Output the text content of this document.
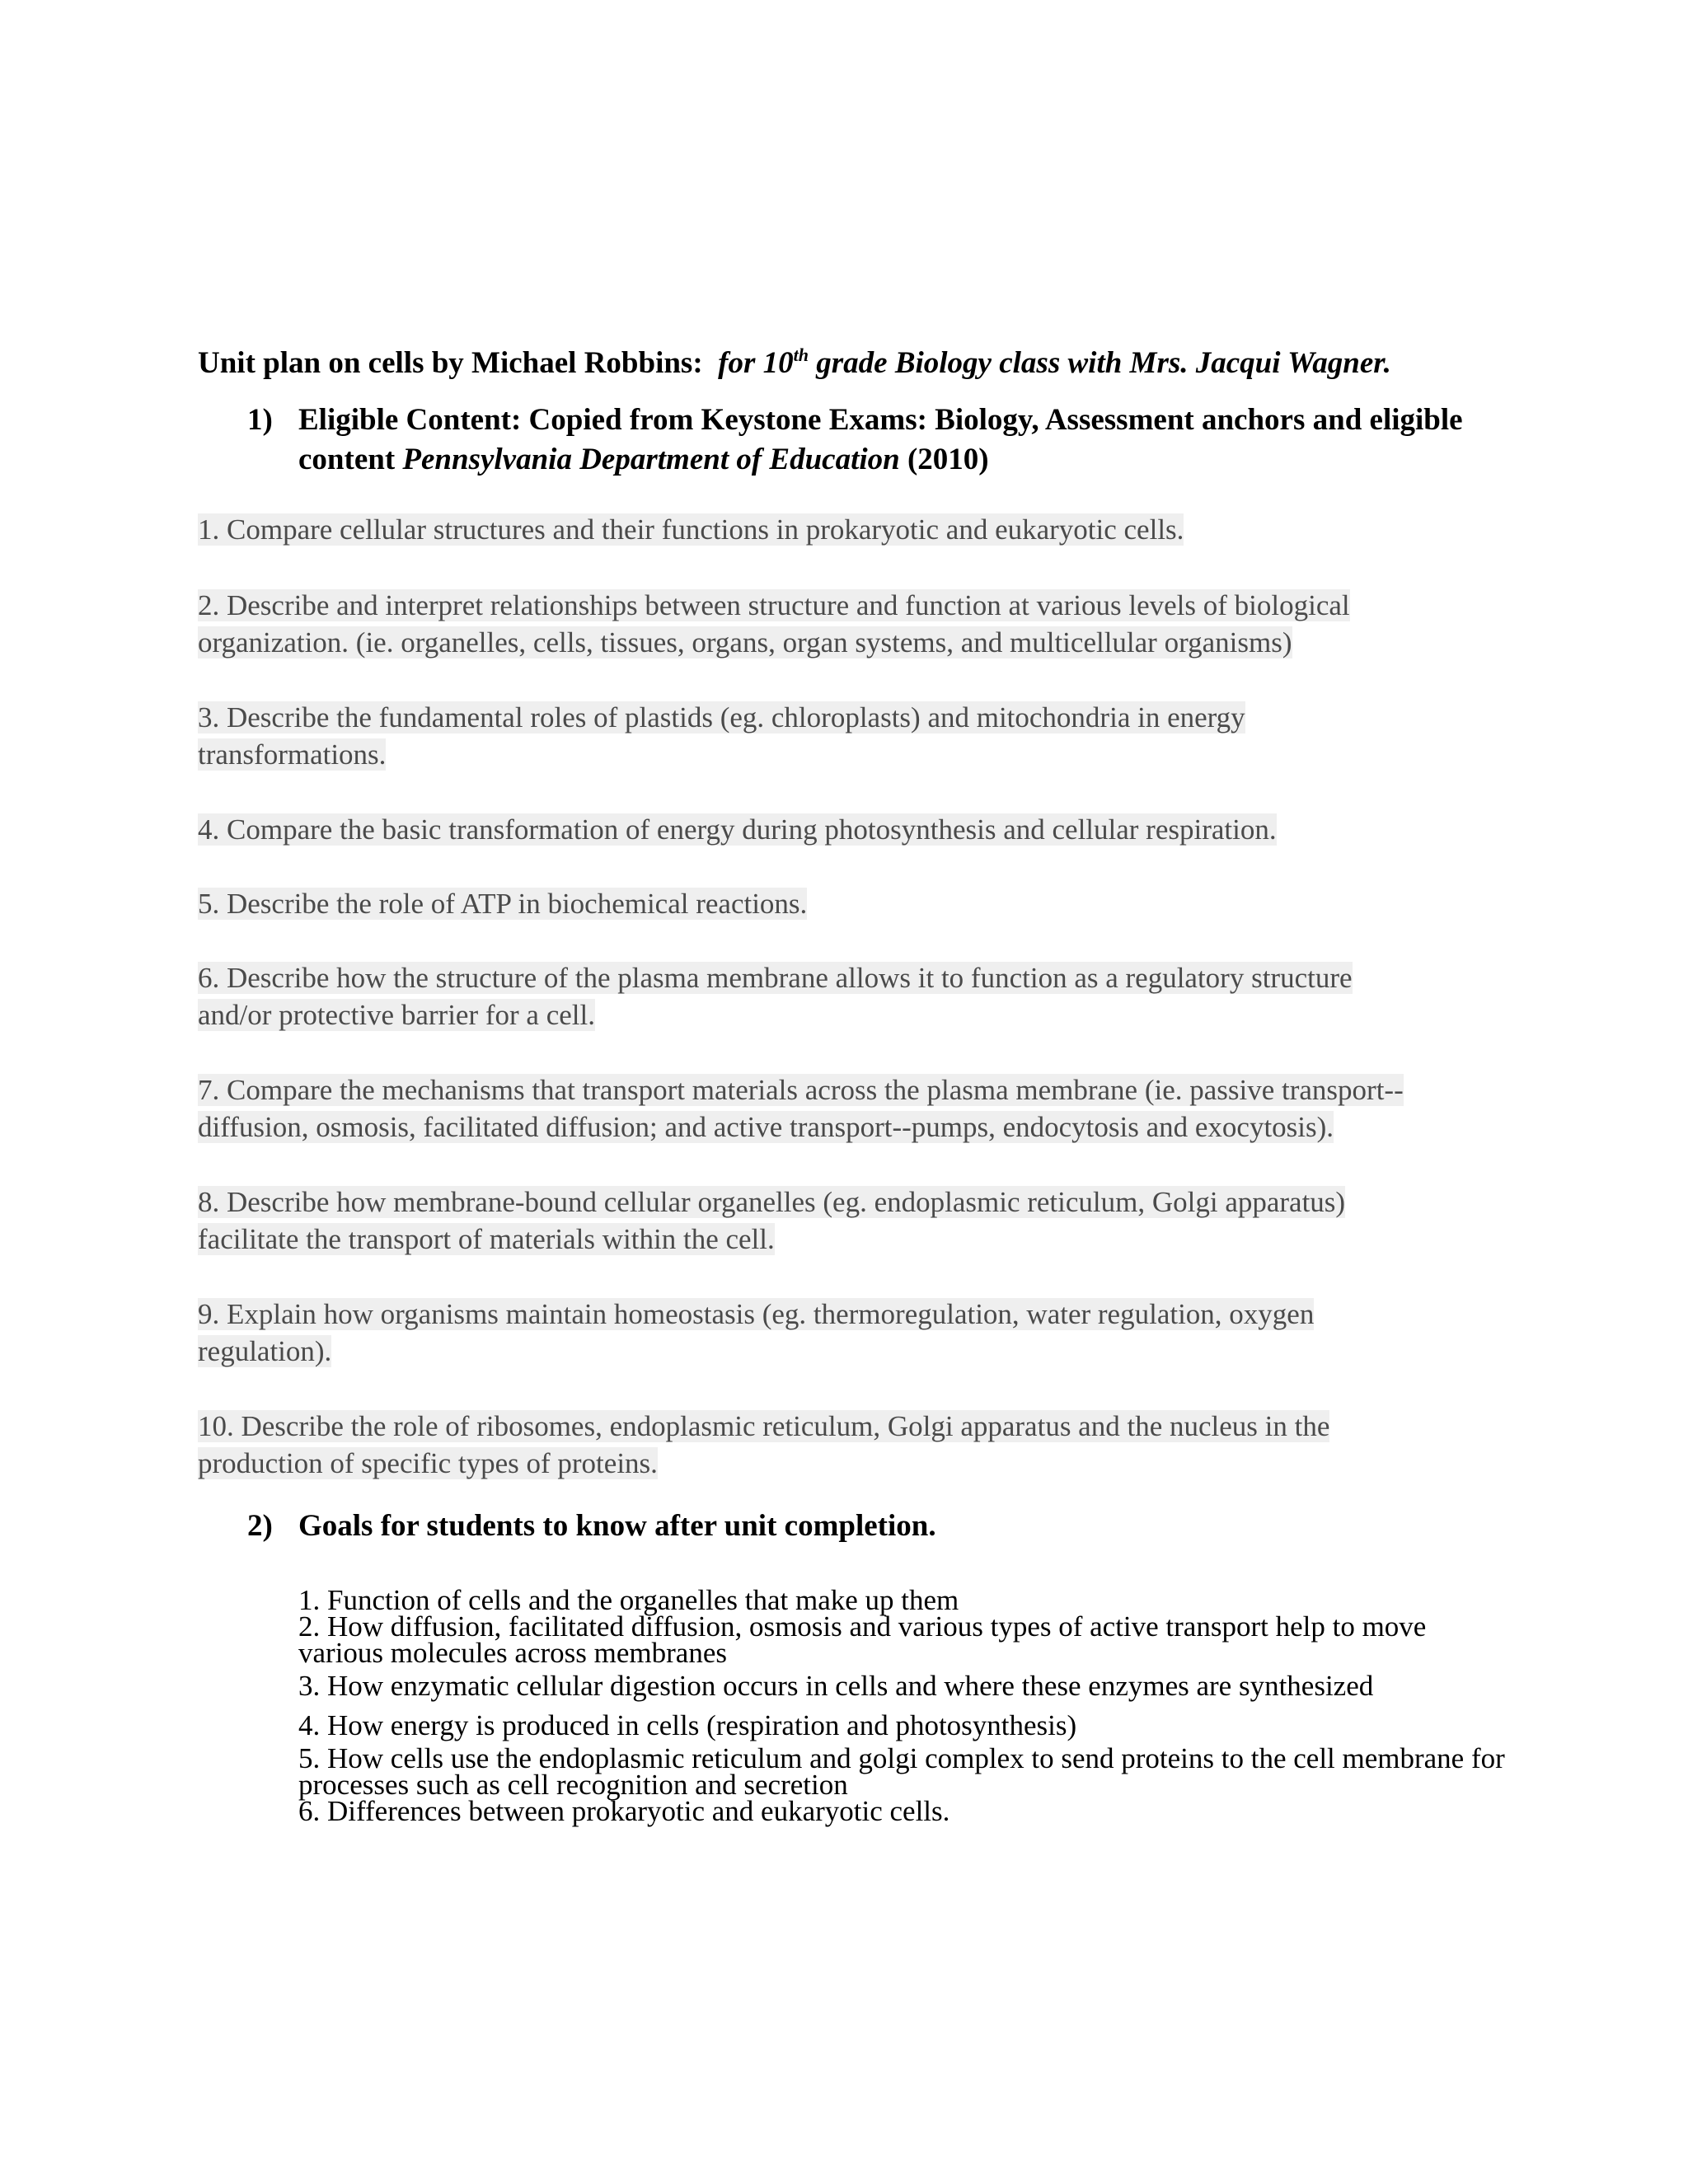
Unit plan on cells by Michael Robbins: for 10th grade Biology class with Mrs. Jacqui Wagner.
1) Eligible Content: Copied from Keystone Exams: Biology, Assessment anchors and eligible content Pennsylvania Department of Education (2010)
1. Compare cellular structures and their functions in prokaryotic and eukaryotic cells.
2. Describe and interpret relationships between structure and function at various levels of biological
organization. (ie. organelles, cells, tissues, organs, organ systems, and multicellular organisms)
3. Describe the fundamental roles of plastids (eg. chloroplasts) and mitochondria in energy
transformations.
4. Compare the basic transformation of energy during photosynthesis and cellular respiration.
5. Describe the role of ATP in biochemical reactions.
6. Describe how the structure of the plasma membrane allows it to function as a regulatory structure
and/or protective barrier for a cell.
7. Compare the mechanisms that transport materials across the plasma membrane (ie. passive transport--
diffusion, osmosis, facilitated diffusion; and active transport--pumps, endocytosis and exocytosis).
8. Describe how membrane-bound cellular organelles (eg. endoplasmic reticulum, Golgi apparatus)
facilitate the transport of materials within the cell.
9. Explain how organisms maintain homeostasis (eg. thermoregulation, water regulation, oxygen
regulation).
10. Describe the role of ribosomes, endoplasmic reticulum, Golgi apparatus and the nucleus in the
production of specific types of proteins.
2) Goals for students to know after unit completion.
1. Function of cells and the organelles that make up them
2. How diffusion, facilitated diffusion, osmosis and various types of active transport help to move various molecules across membranes
3. How enzymatic cellular digestion occurs in cells and where these enzymes are synthesized
4. How energy is produced in cells (respiration and photosynthesis)
5. How cells use the endoplasmic reticulum and golgi complex to send proteins to the cell membrane for processes such as cell recognition and secretion
6. Differences between prokaryotic and eukaryotic cells.
